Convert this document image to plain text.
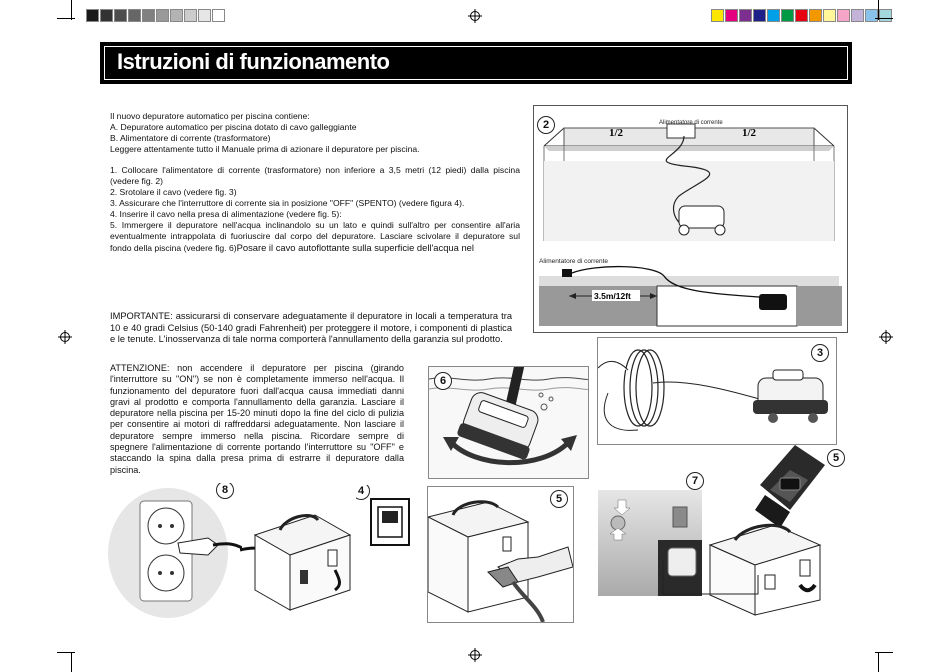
Istruzioni di funzionamento
Il nuovo depuratore automatico per piscina contiene:
A. Depuratore automatico per piscina dotato di cavo galleggiante
B. Alimentatore di corrente (trasformatore)
Leggere attentamente tutto il Manuale prima di azionare il depuratore per piscina.
1. Collocare l'alimentatore di corrente (trasformatore) non inferiore a 3,5 metri (12 piedi) dalla piscina (vedere fig. 2)
2. Srotolare il cavo (vedere fig. 3)
3. Assicurare che l'interruttore di corrente sia in posizione "OFF" (SPENTO) (vedere figura 4).
4. Inserire il cavo nella presa di alimentazione (vedere fig. 5):
5. Immergere il depuratore nell'acqua inclinandolo su un lato e quindi sull'altro per consentire all'aria eventualmente intrappolata di fuoriuscire dal corpo del depuratore. Lasciare scivolare il depuratore sul fondo della piscina (vedere fig. 6)Posare il cavo autoflottante sulla superficie dell'acqua nel
IMPORTANTE: assicurarsi di conservare adeguatamente il depuratore in locali a temperatura tra 10 e 40 gradi Celsius (50-140 gradi Fahrenheit) per proteggere il motore, i componenti di plastica e le tenute. L'inosservanza di tale norma comporterà l'annullamento della garanzia sul prodotto.
ATTENZIONE: non accendere il depuratore per piscina (girando l'interruttore su "ON") se non è completamente immerso nell'acqua. Il funzionamento del depuratore fuori dall'acqua causa immediati danni gravi al prodotto e comporta l'annullamento della garanzia. Lasciare il depuratore nella piscina per 15-20 minuti dopo la fine del ciclo di pulizia per consentire ai motori di raffreddarsi adeguatamente. Non lasciare il depuratore sempre immerso nella piscina. Ricordare sempre di spegnere l'alimentazione di corrente portando l'interruttore su "OFF" e staccando la spina dalla presa prima di estrarre il depuratore dalla piscina.
1/2	1/2
Alimentatore di corrente
Alimentatore di corrente
3.5m/12ft
2
3
6
8	4
5
7
5
